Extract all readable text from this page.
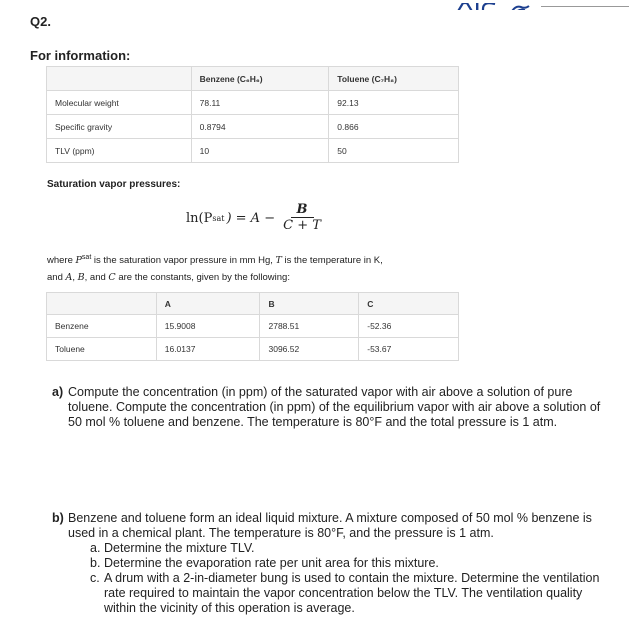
Q2.
For information:
	Benzene (C₆H₆)	Toluene (C₇H₈)
Molecular weight	78.11	92.13
Specific gravity	0.8794	0.866
TLV (ppm)	10	50
Saturation vapor pressures:
ln(P sat ) = $A - \frac{B}{C + T}$
where $P^{sat}$ is the saturation vapor pressure in mm Hg, T is the temperature in K,
and A, B, and C are the constants, given by the following:
	A	B	C
Benzene	15.9008	2788.51	-52.36
Toluene	16.0137	3096.52	-53.67
a) Compute the concentration (in ppm) of the saturated vapor with air above a solution of pure toluene. Compute the concentration (in ppm) of the equilibrium vapor with air above a solution of 50 mol % toluene and benzene. The temperature is 80°F and the total pressure is 1 atm.
b) Benzene and toluene form an ideal liquid mixture. A mixture composed of 50 mol % benzene is used in a chemical plant. The temperature is 80°F, and the pressure is 1 atm.
a. Determine the mixture TLV.
b. Determine the evaporation rate per unit area for this mixture.
c. A drum with a 2-in-diameter bung is used to contain the mixture. Determine the ventilation rate required to maintain the vapor concentration below the TLV. The ventilation quality within the vicinity of this operation is average.
